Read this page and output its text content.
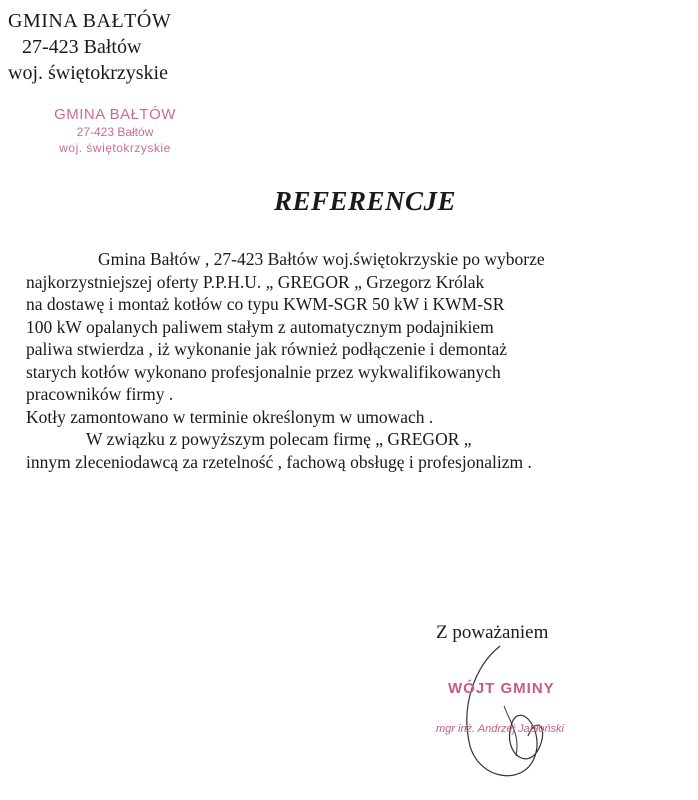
GMINA BAŁTÓW
27-423 Bałtów
woj. świętokrzyskie
GMINA BAŁTÓW
27-423 Bałtów
woj. świętokrzyskie
REFERENCJE

Gmina Bałtów , 27-423 Bałtów woj.świętokrzyskie po wyborze

najkorzystniejszej oferty P.P.H.U. „ GREGOR „ Grzegorz Królak

na dostawę i montaż kotłów co typu KWM-SGR 50 kW i KWM-SR

100 kW opalanych paliwem stałym z automatycznym podajnikiem

paliwa stwierdza , iż wykonanie jak również podłączenie i demontaż

starych kotłów wykonano profesjonalnie przez wykwalifikowanych

pracowników firmy .

Kotły zamontowano w terminie określonym w umowach .

W związku z powyższym polecam firmę „ GREGOR „

innym zleceniodawcą za rzetelność , fachową obsługę i profesjonalizm .

Z poważaniem
WÓJT GMINY
mgr inż. Andrzej Jabłoński
